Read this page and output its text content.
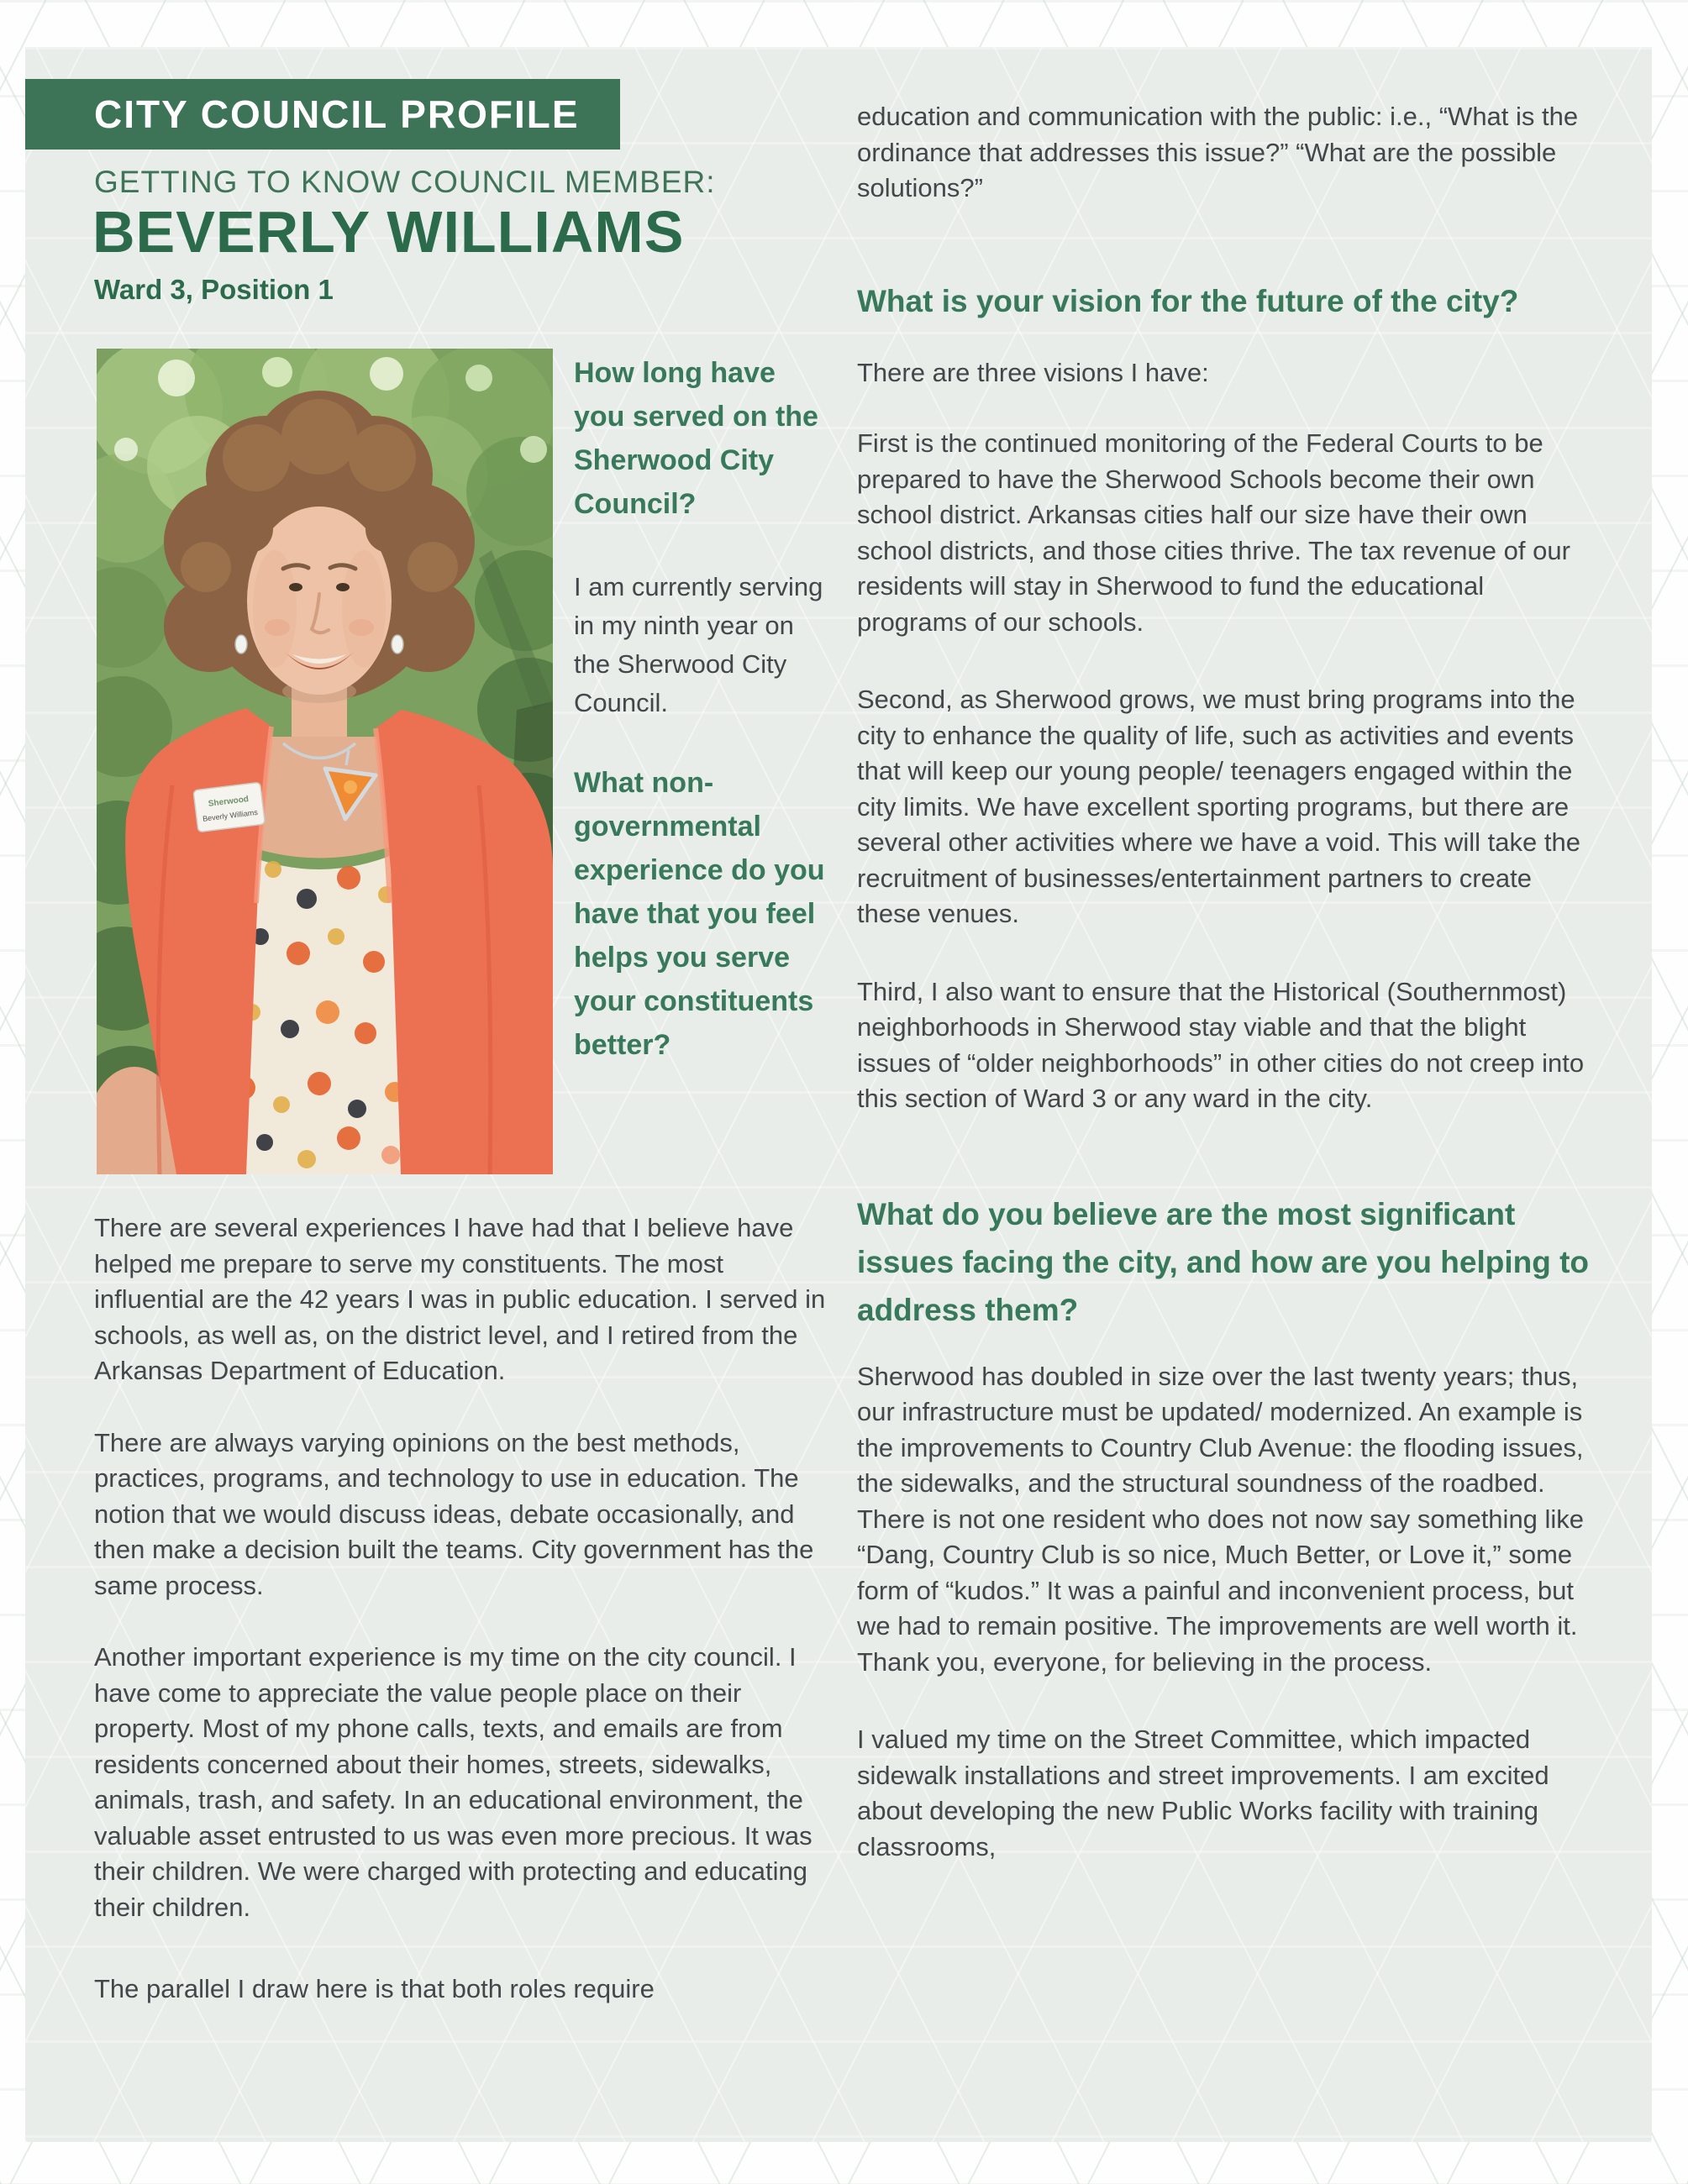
CITY COUNCIL PROFILE
GETTING TO KNOW COUNCIL MEMBER:
BEVERLY WILLIAMS
Ward 3, Position 1
Sherwood
Beverly Williams
How long have you served on the Sherwood City Council?

I am currently serving in my ninth year on the Sherwood City Council.

What non-governmental experience do you have that you feel helps you serve your constituents better?

There are several experiences I have had that I believe have helped me prepare to serve my constituents. The most influential are the 42 years I was in public education. I served in schools, as well as, on the district level, and I retired from the Arkansas Department of Education.

There are always varying opinions on the best methods, practices, programs, and technology to use in education. The notion that we would discuss ideas, debate occasionally, and then make a decision built the teams. City government has the same process.

Another important experience is my time on the city council. I have come to appreciate the value people place on their property. Most of my phone calls, texts, and emails are from residents concerned about their homes, streets, sidewalks, animals, trash, and safety. In an educational environment, the valuable asset entrusted to us was even more precious. It was their children. We were charged with protecting and educating their children.

The parallel I draw here is that both roles require

education and communication with the public: i.e., “What is the ordinance that addresses this issue?” “What are the possible solutions?”

What is your vision for the future of the city?

There are three visions I have:

First is the continued monitoring of the Federal Courts to be prepared to have the Sherwood Schools become their own school district. Arkansas cities half our size have their own school districts, and those cities thrive. The tax revenue of our residents will stay in Sherwood to fund the educational programs of our schools.

Second, as Sherwood grows, we must bring programs into the city to enhance the quality of life, such as activities and events that will keep our young people/ teenagers engaged within the city limits. We have excellent sporting programs, but there are several other activities where we have a void. This will take the recruitment of businesses/entertainment partners to create these venues.

Third, I also want to ensure that the Historical (Southernmost) neighborhoods in Sherwood stay viable and that the blight issues of “older neighborhoods” in other cities do not creep into this section of Ward 3 or any ward in the city.

What do you believe are the most significant issues facing the city, and how are you helping to address them?

Sherwood has doubled in size over the last twenty years; thus, our infrastructure must be updated/ modernized. An example is the improvements to Country Club Avenue: the flooding issues, the sidewalks, and the structural soundness of the roadbed. There is not one resident who does not now say something like “Dang, Country Club is so nice, Much Better, or Love it,” some form of “kudos.” It was a painful and inconvenient process, but we had to remain positive. The improvements are well worth it. Thank you, everyone, for believing in the process.

I valued my time on the Street Committee, which impacted sidewalk installations and street improvements. I am excited about developing the new Public Works facility with training classrooms,
